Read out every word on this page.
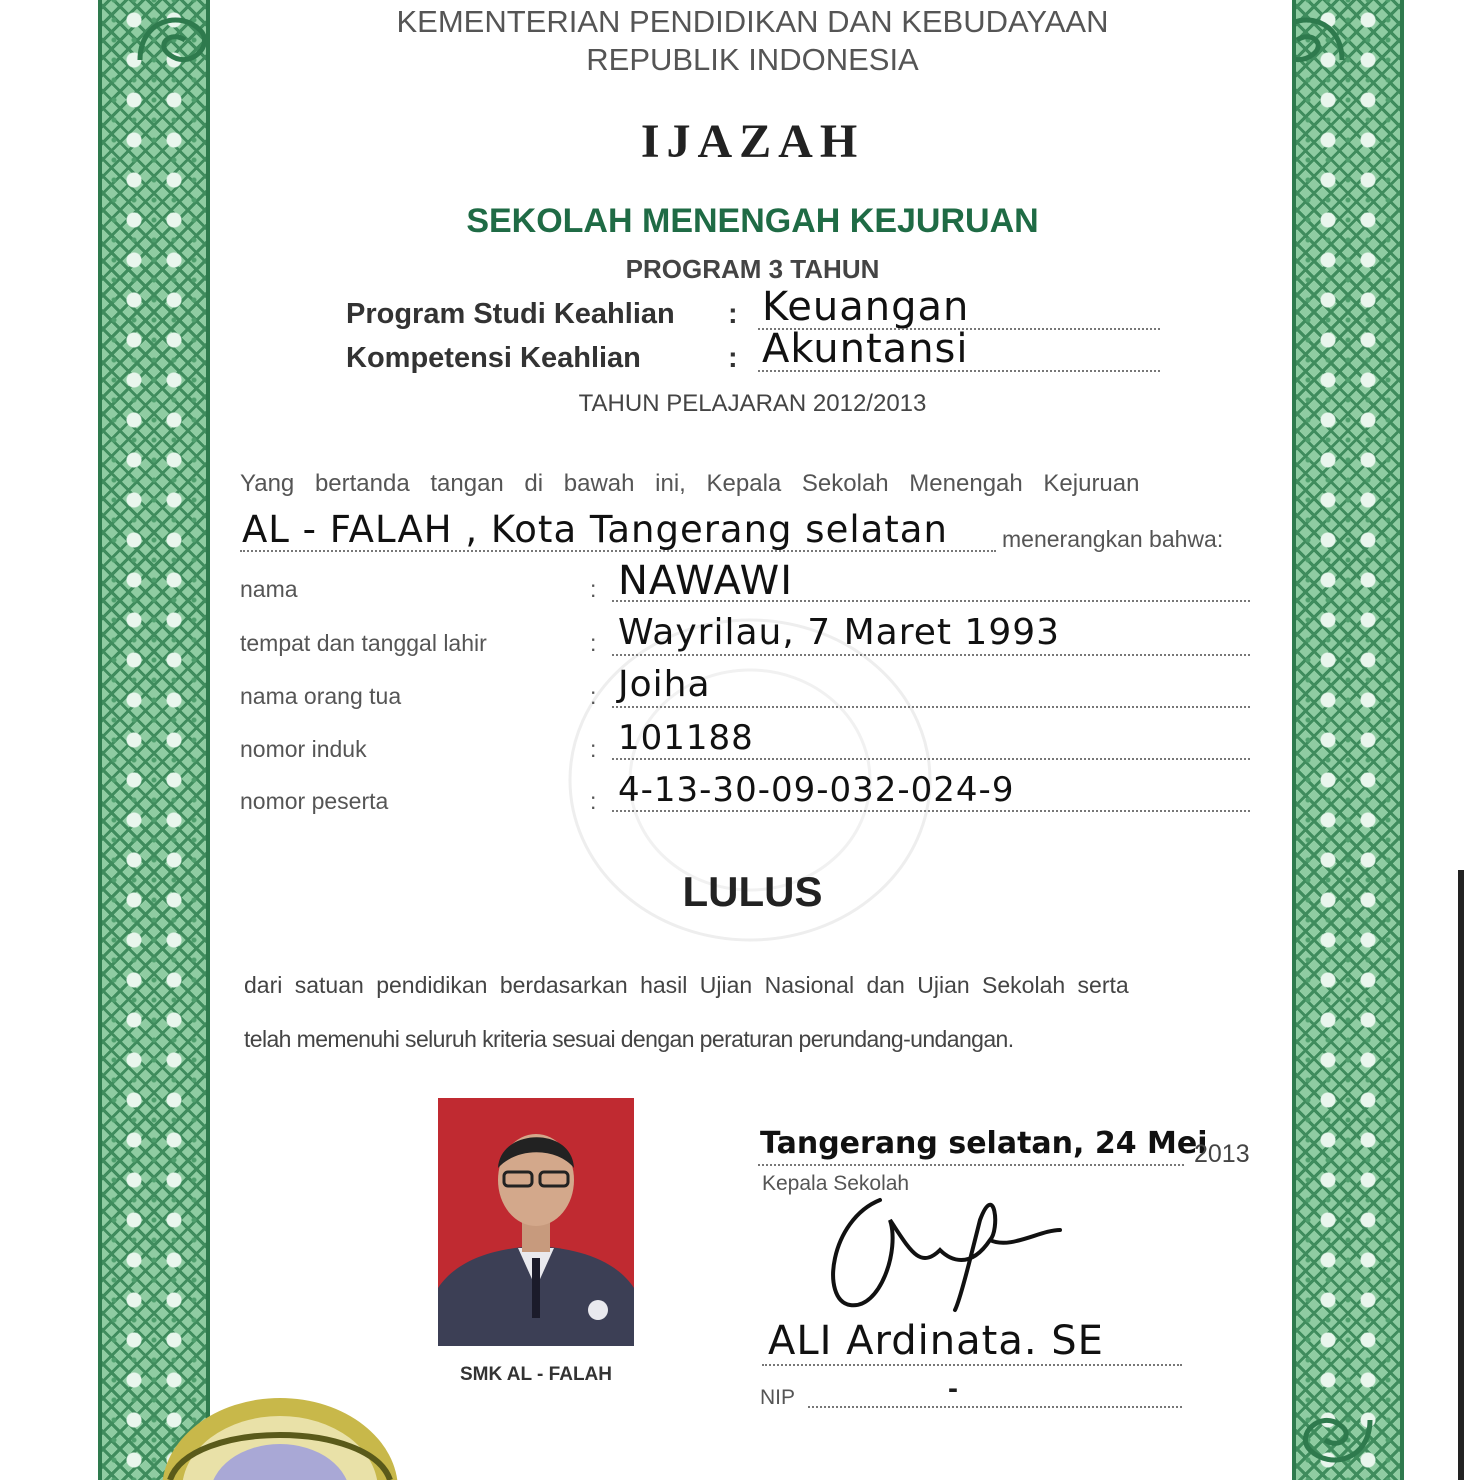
KEMENTERIAN PENDIDIKAN DAN KEBUDAYAAN
REPUBLIK INDONESIA
IJAZAH
SEKOLAH MENENGAH KEJURUAN
PROGRAM 3 TAHUN
Program Studi Keahlian : Keuangan
Kompetensi Keahlian	: Akuntansi
TAHUN PELAJARAN 2012/2013
Yang bertanda tangan di bawah ini, Kepala Sekolah Menengah Kejuruan
AL - FALAH , Kota Tangerang selatan menerangkan bahwa:
nama	: NAWAWI
tempat dan tanggal lahir	: Wayrilau, 7 Maret 1993
nama orang tua	: Joiha
nomor induk	: 101188
nomor peserta	: 4-13-30-09-032-024-9
LULUS
dari satuan pendidikan berdasarkan hasil Ujian Nasional dan Ujian Sekolah serta
telah memenuhi seluruh kriteria sesuai dengan peraturan perundang-undangan.
SMK AL - FALAH
Tangerang selatan, 24 Mei
2013
Kepala Sekolah
ALI Ardinata. SE
NIP	-
